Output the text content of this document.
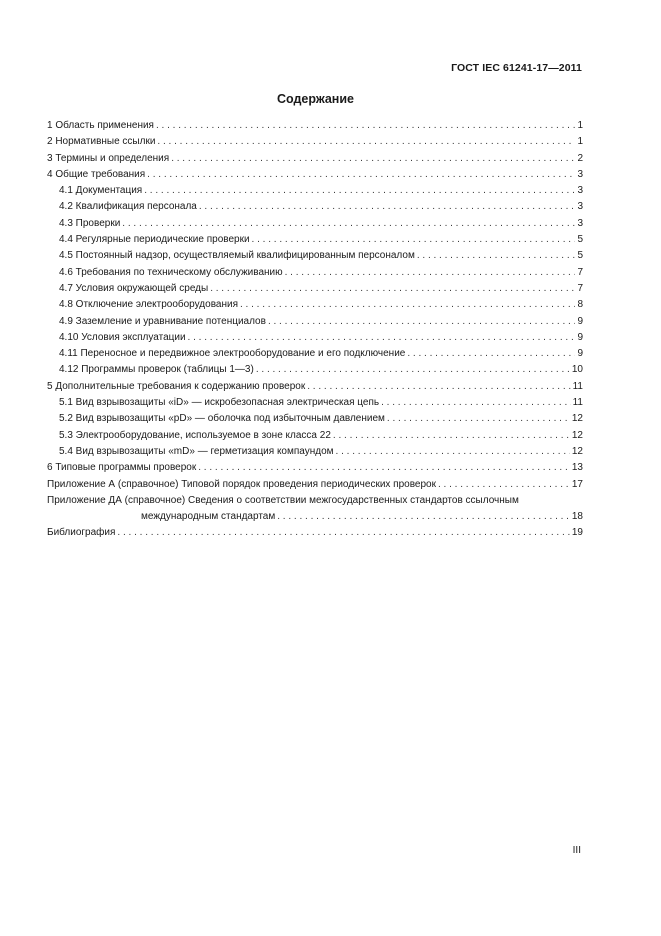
ГОСТ IEC 61241-17—2011
Содержание
1 Область применения . . .	1
2 Нормативные ссылки . . .	1
3 Термины и определения . . .	2
4 Общие требования . . .	3
4.1 Документация . . .	3
4.2 Квалификация персонала . . .	3
4.3 Проверки . . .	3
4.4 Регулярные периодические проверки . . .	5
4.5 Постоянный надзор, осуществляемый квалифицированным персоналом . . .	5
4.6 Требования по техническому обслуживанию . . .	7
4.7 Условия окружающей среды . . .	7
4.8 Отключение электрооборудования . . .	8
4.9 Заземление и уравнивание потенциалов . . .	9
4.10 Условия эксплуатации . . .	9
4.11 Переносное и передвижное электрооборудование и его подключение . . .	9
4.12 Программы проверок (таблицы 1—3) . . .	10
5 Дополнительные требования к содержанию проверок . . .	11
5.1 Вид взрывозащиты «iD» — искробезопасная электрическая цепь . . .	11
5.2 Вид взрывозащиты «pD» — оболочка под избыточным давлением . . .	12
5.3 Электрооборудование, используемое в зоне класса 22 . . .	12
5.4 Вид взрывозащиты «mD» — герметизация компаундом . . .	12
6 Типовые программы проверок . . .	13
Приложение А (справочное) Типовой порядок проведения периодических проверок . . .	17
Приложение ДА (справочное) Сведения о соответствии межгосударственных стандартов ссылочным
международным стандартам . . .	18
Библиография . . .	19
III
